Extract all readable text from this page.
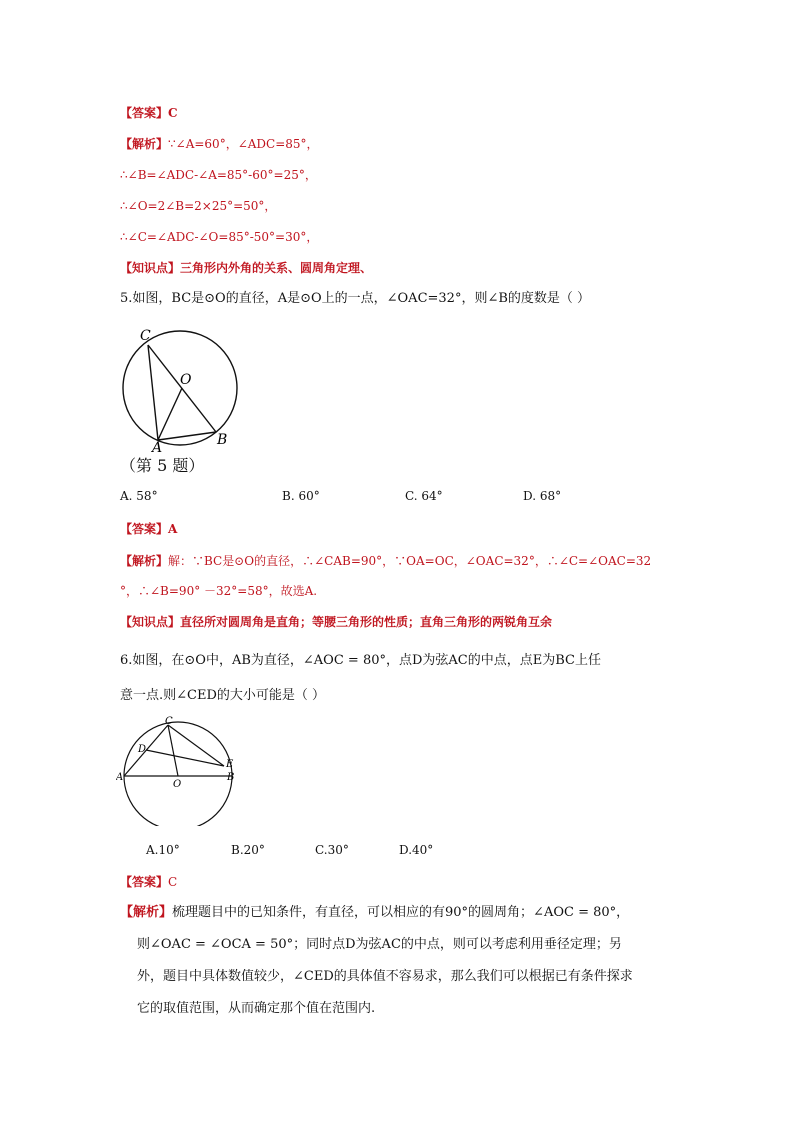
【答案】C
【解析】∵∠A=60°，∠ADC=85°，
∴∠B=∠ADC-∠A=85°-60°=25°，
∴∠O=2∠B=2×25°=50°，
∴∠C=∠ADC-∠O=85°-50°=30°，
【知识点】三角形内外角的关系、圆周角定理、
5.如图，BC是⊙O的直径，A是⊙O上的一点，∠OAC=32°，则∠B的度数是（ ）
C
O
A	B
（第 5 题）
A. 58°	B. 60°	C. 64°	D. 68°
【答案】A
【解析】解：∵BC是⊙O的直径，∴∠CAB=90°，∵OA=OC，∠OAC=32°，∴∠C=∠OAC=32
°，∴∠B=90° －32°=58°，故选A.
【知识点】直径所对圆周角是直角；等腰三角形的性质；直角三角形的两锐角互余
6.如图，在⊙O中，AB为直径，∠AOC = 80°，点D为弦AC的中点，点E为BC上任
意一点.则∠CED的大小可能是（ ）
C
D
E
A
O
B
A.10°	B.20°	C.30°	D.40°
【答案】C
【解析】梳理题目中的已知条件，有直径，可以相应的有90°的圆周角；∠AOC = 80°，
则∠OAC = ∠OCA = 50°；同时点D为弦AC的中点，则可以考虑利用垂径定理；另
外，题目中具体数值较少，∠CED的具体值不容易求，那么我们可以根据已有条件探求
它的取值范围，从而确定那个值在范围内.
